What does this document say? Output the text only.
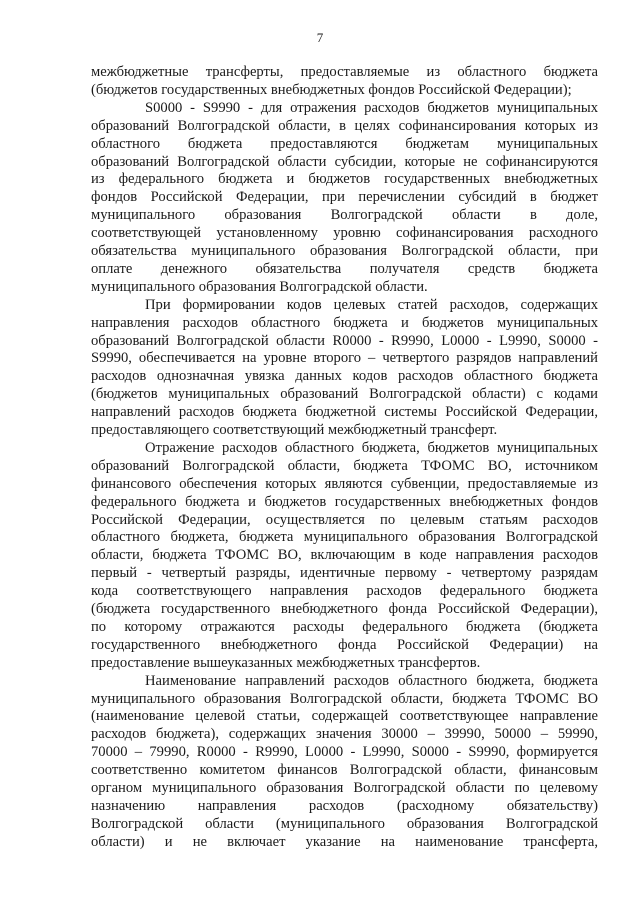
7
межбюджетные трансферты, предоставляемые из областного бюджета
(бюджетов государственных внебюджетных фондов Российской Федерации);
S0000 - S9990 - для отражения расходов бюджетов муниципальных
образований Волгоградской области, в целях софинансирования которых из
областного бюджета предоставляются бюджетам муниципальных
образований Волгоградской области субсидии, которые не софинансируются
из федерального бюджета и бюджетов государственных внебюджетных
фондов Российской Федерации, при перечислении субсидий в бюджет
муниципального образования Волгоградской области в доле,
соответствующей установленному уровню софинансирования расходного
обязательства муниципального образования Волгоградской области, при
оплате денежного обязательства получателя средств бюджета
муниципального образования Волгоградской области.
При формировании кодов целевых статей расходов, содержащих
направления расходов областного бюджета и бюджетов муниципальных
образований Волгоградской области R0000 - R9990, L0000 - L9990, S0000 -
S9990, обеспечивается на уровне второго – четвертого разрядов направлений
расходов однозначная увязка данных кодов расходов областного бюджета
(бюджетов муниципальных образований Волгоградской области) с кодами
направлений расходов бюджета бюджетной системы Российской Федерации,
предоставляющего соответствующий межбюджетный трансферт.
Отражение расходов областного бюджета, бюджетов муниципальных
образований Волгоградской области, бюджета ТФОМС ВО, источником
финансового обеспечения которых являются субвенции, предоставляемые из
федерального бюджета и бюджетов государственных внебюджетных фондов
Российской Федерации, осуществляется по целевым статьям расходов
областного бюджета, бюджета муниципального образования Волгоградской
области, бюджета ТФОМС ВО, включающим в коде направления расходов
первый - четвертый разряды, идентичные первому - четвертому разрядам
кода соответствующего направления расходов федерального бюджета
(бюджета государственного внебюджетного фонда Российской Федерации),
по которому отражаются расходы федерального бюджета (бюджета
государственного внебюджетного фонда Российской Федерации) на
предоставление вышеуказанных межбюджетных трансфертов.
Наименование направлений расходов областного бюджета, бюджета
муниципального образования Волгоградской области, бюджета ТФОМС ВО
(наименование целевой статьи, содержащей соответствующее направление
расходов бюджета), содержащих значения 30000 – 39990, 50000 – 59990,
70000 – 79990, R0000 - R9990, L0000 - L9990, S0000 - S9990, формируется
соответственно комитетом финансов Волгоградской области, финансовым
органом муниципального образования Волгоградской области по целевому
назначению направления расходов (расходному обязательству)
Волгоградской области (муниципального образования Волгоградской
области) и не включает указание на наименование трансферта,
